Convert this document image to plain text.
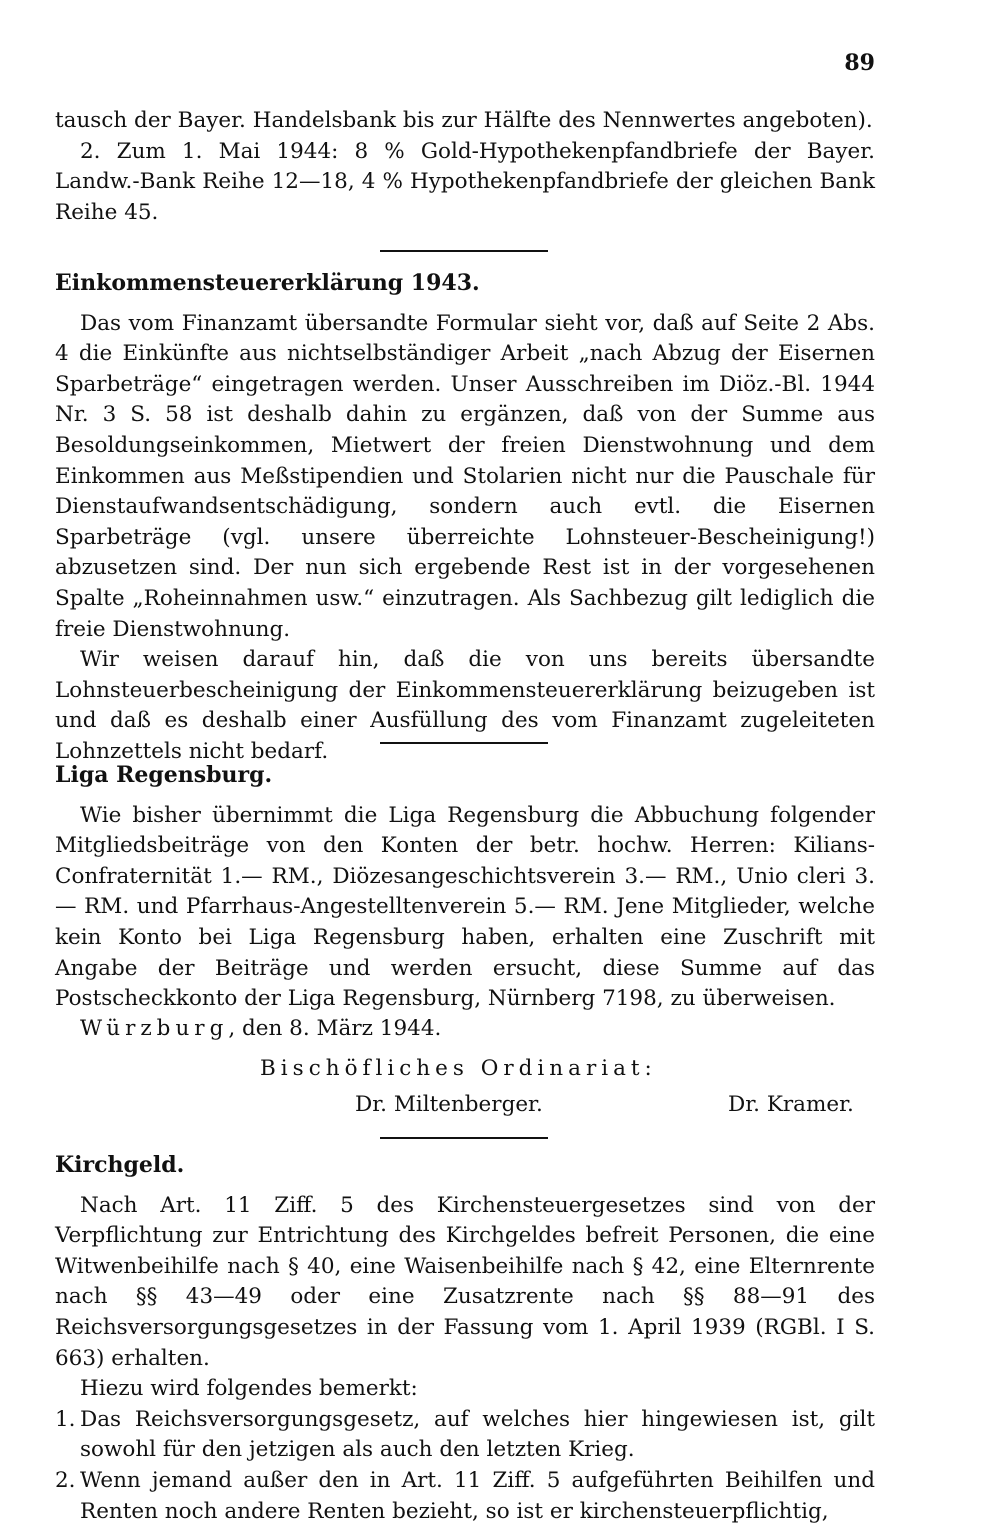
89

tausch der Bayer. Handelsbank bis zur Hälfte des Nennwertes angeboten).

2. Zum 1. Mai 1944: 8 % Gold-Hypothekenpfandbriefe der Bayer. Landw.-Bank Reihe 12—18, 4 % Hypothekenpfandbriefe der gleichen Bank Reihe 45.

Einkommensteuererklärung 1943.

Das vom Finanzamt übersandte Formular sieht vor, daß auf Seite 2 Abs. 4 die Einkünfte aus nichtselbständiger Arbeit „nach Abzug der Eisernen Sparbeträge“ eingetragen werden. Unser Ausschreiben im Diöz.-Bl. 1944 Nr. 3 S. 58 ist deshalb dahin zu ergänzen, daß von der Summe aus Besoldungseinkommen, Mietwert der freien Dienstwohnung und dem Einkommen aus Meßstipendien und Stolarien nicht nur die Pauschale für Dienstaufwandsentschädigung, sondern auch evtl. die Eisernen Sparbeträge (vgl. unsere überreichte Lohnsteuer-Bescheinigung!) abzusetzen sind. Der nun sich ergebende Rest ist in der vorgesehenen Spalte „Roheinnahmen usw.“ einzutragen. Als Sachbezug gilt lediglich die freie Dienstwohnung.

Wir weisen darauf hin, daß die von uns bereits übersandte Lohnsteuerbescheinigung der Einkommensteuererklärung beizugeben ist und daß es deshalb einer Ausfüllung des vom Finanzamt zugeleiteten Lohnzettels nicht bedarf.

Liga Regensburg.

Wie bisher übernimmt die Liga Regensburg die Abbuchung folgender Mitgliedsbeiträge von den Konten der betr. hochw. Herren: Kilians-Confraternität 1.— RM., Diözesangeschichtsverein 3.— RM., Unio cleri 3.— RM. und Pfarrhaus-Angestelltenverein 5.— RM. Jene Mitglieder, welche kein Konto bei Liga Regensburg haben, erhalten eine Zuschrift mit Angabe der Beiträge und werden ersucht, diese Summe auf das Postscheckkonto der Liga Regensburg, Nürnberg 7198, zu überweisen.

Würzburg, den 8. März 1944.
Bischöfliches Ordinariat:
Dr. Miltenberger.	Dr. Kramer.

Kirchgeld.

Nach Art. 11 Ziff. 5 des Kirchensteuergesetzes sind von der Verpflichtung zur Entrichtung des Kirchgeldes befreit Personen, die eine Witwenbeihilfe nach § 40, eine Waisenbeihilfe nach § 42, eine Elternrente nach §§ 43—49 oder eine Zusatzrente nach §§ 88—91 des Reichsversorgungsgesetzes in der Fassung vom 1. April 1939 (RGBl. I S. 663) erhalten.

Hiezu wird folgendes bemerkt:

1. Das Reichsversorgungsgesetz, auf welches hier hingewiesen ist, gilt sowohl für den jetzigen als auch den letzten Krieg.
2. Wenn jemand außer den in Art. 11 Ziff. 5 aufgeführten Beihilfen und Renten noch andere Renten bezieht, so ist er kirchensteuerpflichtig,
